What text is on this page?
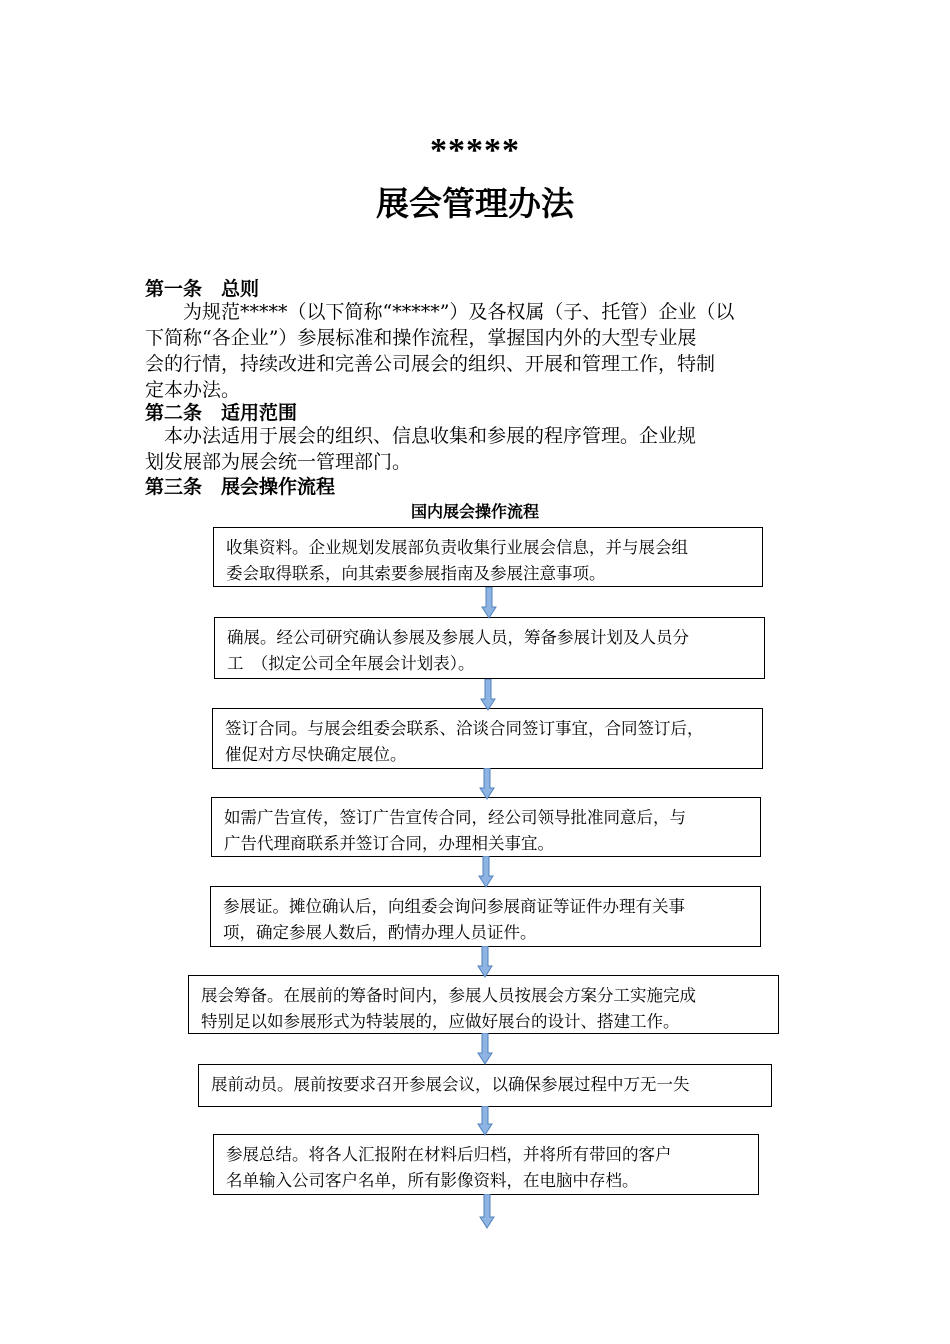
*****
展会管理办法
第一条　总则
　　为规范*****（以下简称“*****”）及各权属（子、托管）企业（以
下简称“各企业”）参展标准和操作流程，掌握国内外的大型专业展
会的行情，持续改进和完善公司展会的组织、开展和管理工作，特制
定本办法。
第二条　适用范围
　本办法适用于展会的组织、信息收集和参展的程序管理。企业规
划发展部为展会统一管理部门。
第三条　展会操作流程
国内展会操作流程
收集资料。企业规划发展部负责收集行业展会信息，并与展会组
委会取得联系，向其索要参展指南及参展注意事项。
确展。经公司研究确认参展及参展人员，筹备参展计划及人员分
工　（拟定公司全年展会计划表）。
签订合同。与展会组委会联系、洽谈合同签订事宜，合同签订后，
催促对方尽快确定展位。
如需广告宣传，签订广告宣传合同，经公司领导批准同意后，与
广告代理商联系并签订合同，办理相关事宜。
参展证。摊位确认后，向组委会询问参展商证等证件办理有关事
项，确定参展人数后，酌情办理人员证件。
展会筹备。在展前的筹备时间内，参展人员按展会方案分工实施完成
特别足以如参展形式为特装展的，应做好展台的设计、搭建工作。
展前动员。展前按要求召开参展会议，以确保参展过程中万无一失
参展总结。将各人汇报附在材料后归档，并将所有带回的客户
名单输入公司客户名单，所有影像资料，在电脑中存档。
